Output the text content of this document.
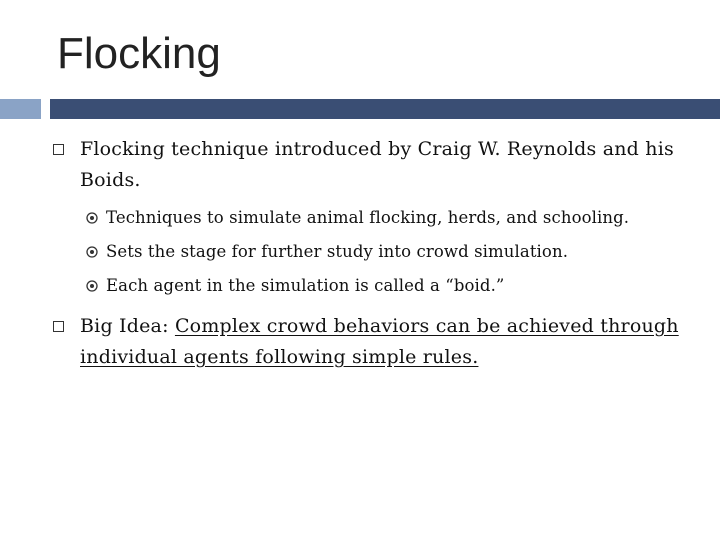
Flocking
Flocking technique introduced by Craig W. Reynolds and his Boids.
Techniques to simulate animal flocking, herds, and schooling.
Sets the stage for further study into crowd simulation.
Each agent in the simulation is called a “boid.”
Big Idea: Complex crowd behaviors can be achieved through individual agents following simple rules.
